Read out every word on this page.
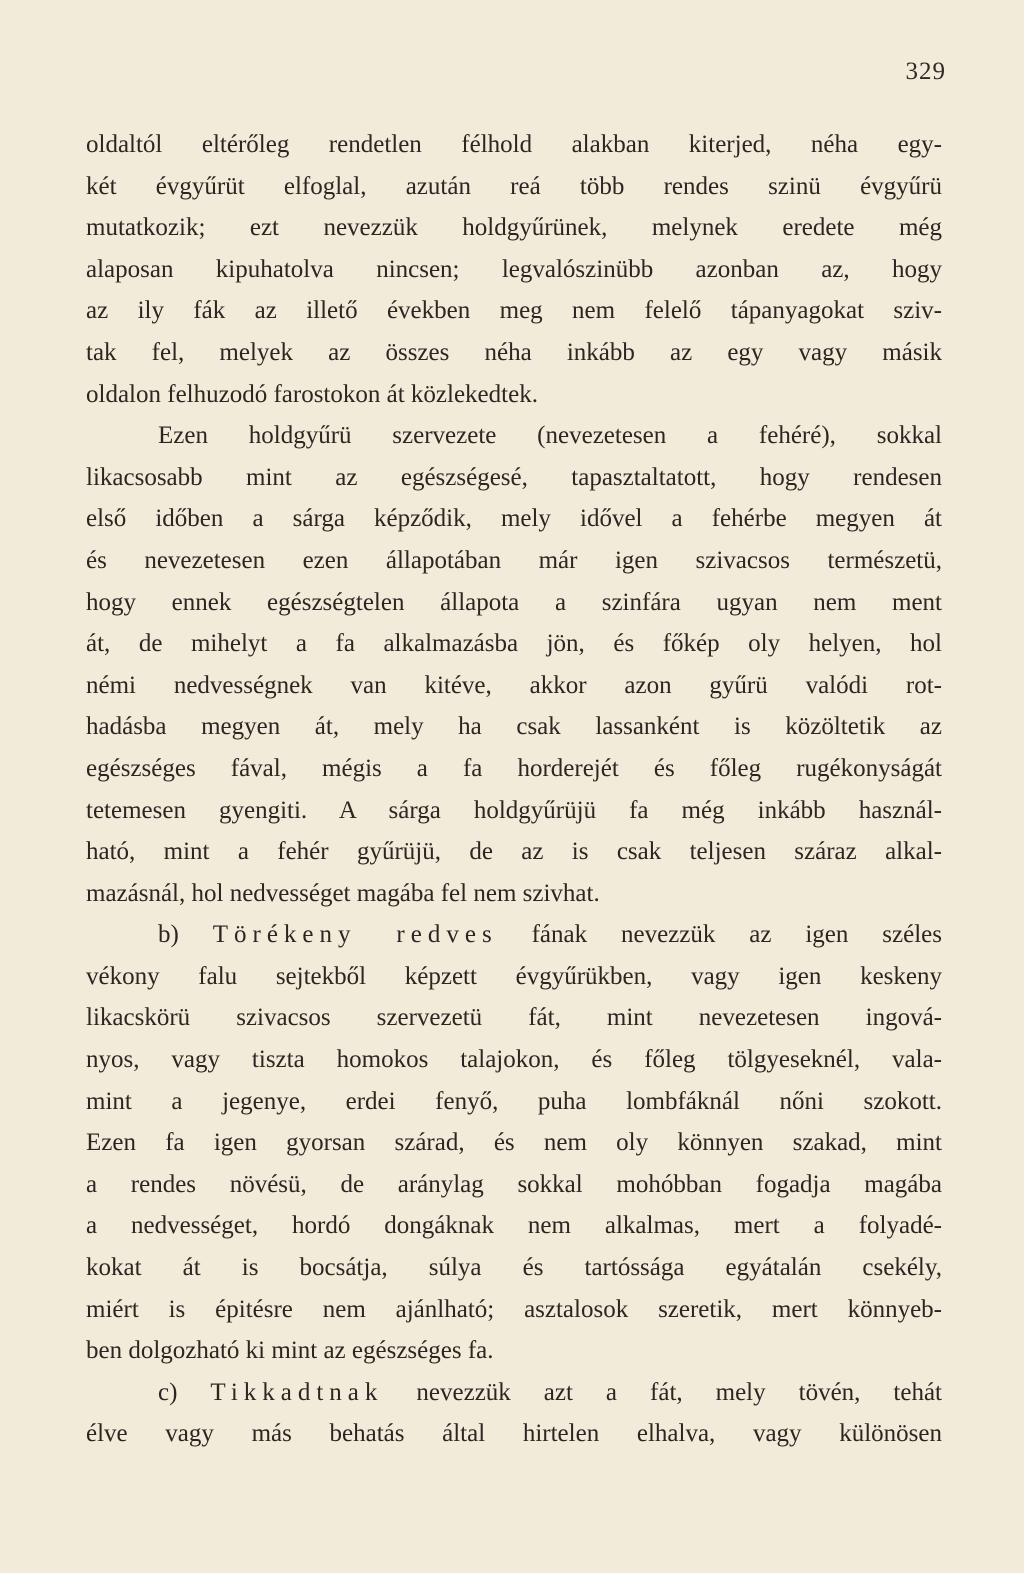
329
oldaltól eltérőleg rendetlen félhold alakban kiterjed, néha egy-
két évgyűrüt elfoglal, azután reá több rendes szinü évgyűrü
mutatkozik; ezt nevezzük holdgyűrünek, melynek eredete még
alaposan kipuhatolva nincsen; legvalószinübb azonban az, hogy
az ily fák az illető években meg nem felelő tápanyagokat sziv-
tak fel, melyek az összes néha inkább az egy vagy másik
oldalon felhuzodó farostokon át közlekedtek.
Ezen holdgyűrü szervezete (nevezetesen a fehéré), sokkal
likacsosabb mint az egészségesé, tapasztaltatott, hogy rendesen
első időben a sárga képződik, mely idővel a fehérbe megyen át
és nevezetesen ezen állapotában már igen szivacsos természetü,
hogy ennek egészségtelen állapota a szinfára ugyan nem ment
át, de mihelyt a fa alkalmazásba jön, és főkép oly helyen, hol
némi nedvességnek van kitéve, akkor azon gyűrü valódi rot-
hadásba megyen át, mely ha csak lassanként is közöltetik az
egészséges fával, mégis a fa horderejét és főleg rugékonyságát
tetemesen gyengiti. A sárga holdgyűrüjü fa még inkább használ-
ható, mint a fehér gyűrüjü, de az is csak teljesen száraz alkal-
mazásnál, hol nedvességet magába fel nem szivhat.
b) Törékeny redves fának nevezzük az igen széles
vékony falu sejtekből képzett évgyűrükben, vagy igen keskeny
likacskörü szivacsos szervezetü fát, mint nevezetesen ingová-
nyos, vagy tiszta homokos talajokon, és főleg tölgyeseknél, vala-
mint a jegenye, erdei fenyő, puha lombfáknál nőni szokott.
Ezen fa igen gyorsan szárad, és nem oly könnyen szakad, mint
a rendes növésü, de aránylag sokkal mohóbban fogadja magába
a nedvességet, hordó dongáknak nem alkalmas, mert a folyadé-
kokat át is bocsátja, súlya és tartóssága egyátalán csekély,
miért is épitésre nem ajánlható; asztalosok szeretik, mert könnyeb-
ben dolgozható ki mint az egészséges fa.
c) Tikkadtnak nevezzük azt a fát, mely tövén, tehát
élve vagy más behatás által hirtelen elhalva, vagy különösen
